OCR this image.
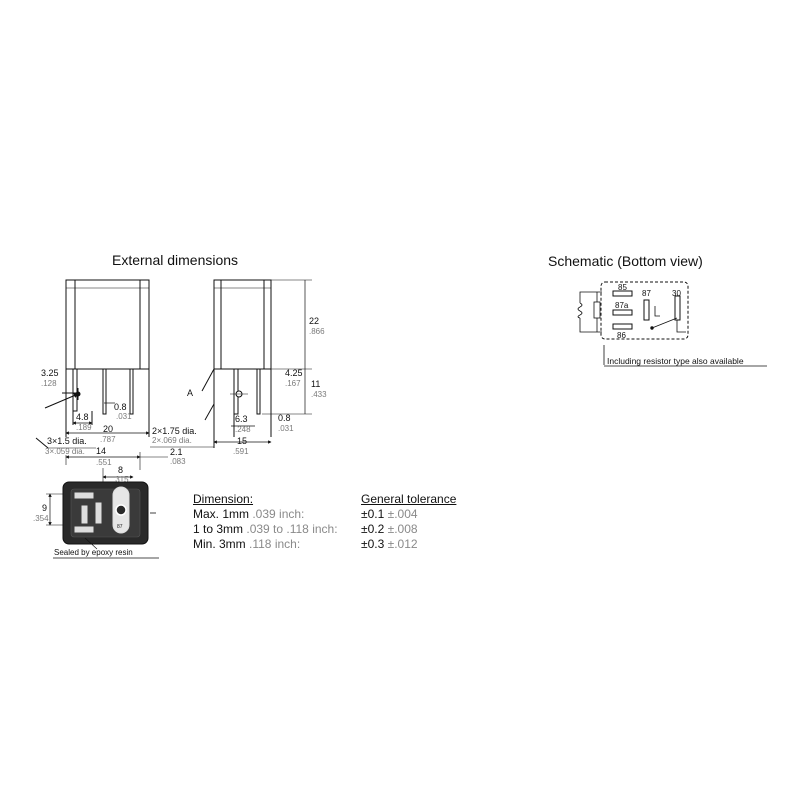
External dimensions	Schematic (Bottom view)
3.25
.128
0.8
.031
4.8
.189 20
.787
3×1.5 dia.
3×.059 dia.
22
.866
4.25
.167 11
.433
6.3
.248
0.8
.031
15
.591
2×1.75 dia.
2×.069 dia.
A
14
.551
2.1
.083
8
.315
9
.354
87
Sealed by epoxy resin
85
87	30
87a
86
Including resistor type also available
Dimension:	General tolerance
Max. 1mm .039 inch:	±0.1 ±.004
1 to 3mm .039 to .118 inch: ±0.2 ±.008
Min. 3mm .118 inch:	±0.3 ±.012
